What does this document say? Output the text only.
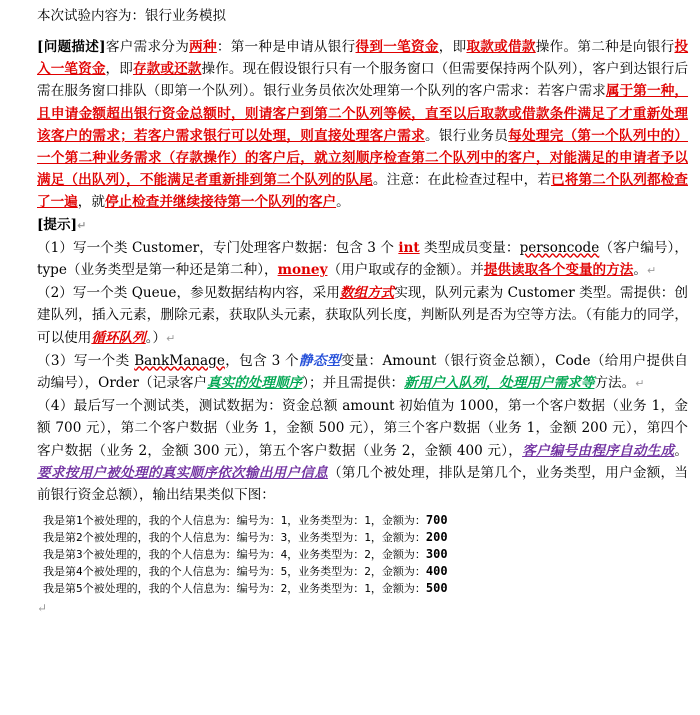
本次试验内容为：银行业务模拟

[问题描述]客户需求分为两种：第一种是申请从银行得到一笔资金，即取款或借款操作。第二种是向银行投入一笔资金，即存款或还款操作。现在假设银行只有一个服务窗口（但需要保持两个队列），客户到达银行后需在服务窗口排队（即第一个队列）。银行业务员依次处理第一个队列的客户需求：若客户需求属于第一种，且申请金额超出银行资金总额时，则请客户到第二个队列等候，直至以后取款或借款条件满足了才重新处理该客户的需求；若客户需求银行可以处理，则直接处理客户需求。银行业务员每处理完（第一个队列中的）一个第二种业务需求（存款操作）的客户后，就立刻顺序检查第二个队列中的客户，对能满足的申请者予以满足（出队列），不能满足者重新排到第二个队列的队尾。注意：在此检查过程中，若已将第二个队列都检查了一遍，就停止检查并继续接待第一个队列的客户。

[提示]↵

（1）写一个类 Customer，专门处理客户数据：包含 3 个 int 类型成员变量：personcode（客户编号），type（业务类型是第一种还是第二种），money（用户取或存的金额）。并提供读取各个变量的方法。↵

（2）写一个类 Queue，参见数据结构内容，采用数组方式实现，队列元素为 Customer 类型。需提供：创建队列，插入元素，删除元素，获取队头元素，获取队列长度，判断队列是否为空等方法。（有能力的同学，可以使用循环队列。）↵

（3）写一个类 BankManage，包含 3 个静态型变量：Amount（银行资金总额），Code（给用户提供自动编号），Order（记录客户真实的处理顺序）；并且需提供：新用户入队列，处理用户需求等方法。↵

（4）最后写一个测试类，测试数据为：资金总额 amount 初始值为 1000，第一个客户数据（业务 1，金额 700 元），第二个客户数据（业务 1，金额 500 元），第三个客户数据（业务 1，金额 200 元），第四个客户数据（业务 2，金额 300 元），第五个客户数据（业务 2，金额 400 元），客户编号由程序自动生成。要求按用户被处理的真实顺序依次输出用户信息（第几个被处理，排队是第几个，业务类型，用户金额，当前银行资金总额），输出结果类似下图：

我是第1个被处理的，我的个人信息为：编号为：1，业务类型为：1，金额为：700
我是第2个被处理的，我的个人信息为：编号为：3，业务类型为：1，金额为：200
我是第3个被处理的，我的个人信息为：编号为：4，业务类型为：2，金额为：300
我是第4个被处理的，我的个人信息为：编号为：5，业务类型为：2，金额为：400
我是第5个被处理的，我的个人信息为：编号为：2，业务类型为：1，金额为：500
↵
